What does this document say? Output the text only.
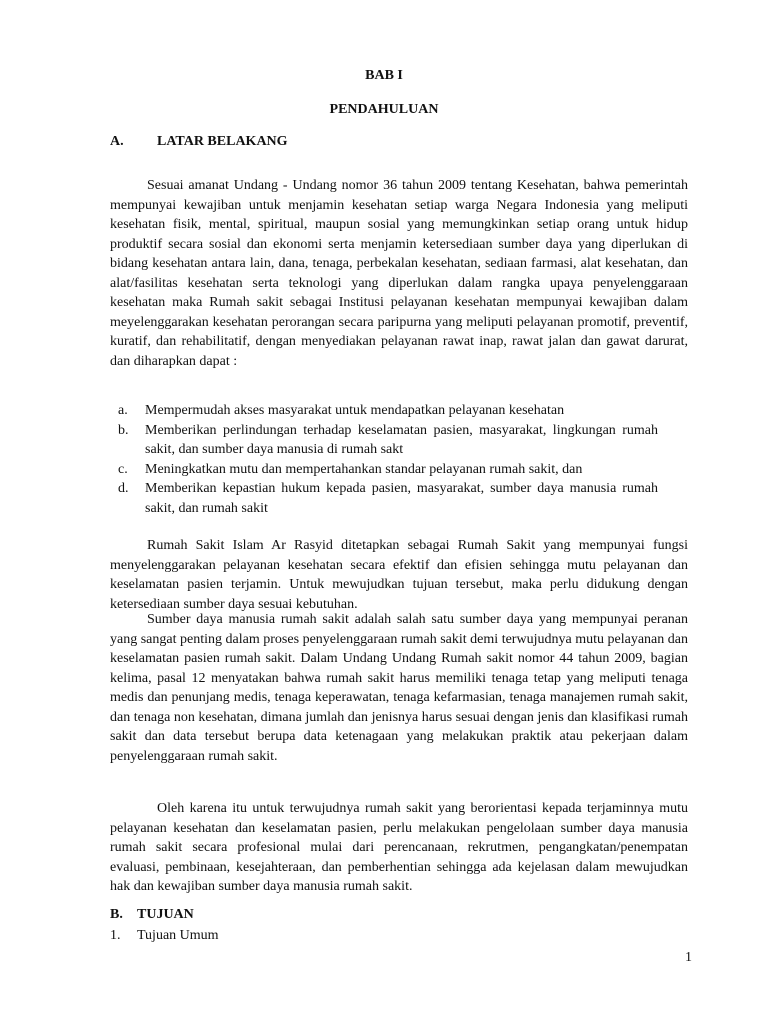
BAB I
PENDAHULUAN
A. LATAR BELAKANG
Sesuai amanat Undang - Undang nomor 36 tahun 2009 tentang Kesehatan, bahwa pemerintah mempunyai kewajiban untuk menjamin kesehatan setiap warga Negara Indonesia yang meliputi kesehatan fisik, mental, spiritual, maupun sosial yang memungkinkan setiap orang untuk hidup produktif secara sosial dan ekonomi serta menjamin ketersediaan sumber daya yang diperlukan di bidang kesehatan antara lain, dana, tenaga, perbekalan kesehatan, sediaan farmasi, alat kesehatan, dan alat/fasilitas kesehatan serta teknologi yang diperlukan dalam rangka upaya penyelenggaraan kesehatan maka Rumah sakit sebagai Institusi pelayanan kesehatan mempunyai kewajiban dalam meyelenggarakan kesehatan perorangan secara paripurna yang meliputi pelayanan promotif, preventif, kuratif, dan rehabilitatif, dengan menyediakan pelayanan rawat inap, rawat jalan dan gawat darurat, dan diharapkan dapat :
a.	Mempermudah akses masyarakat untuk mendapatkan pelayanan kesehatan
b.	Memberikan perlindungan terhadap keselamatan pasien, masyarakat, lingkungan rumah sakit, dan sumber daya manusia di rumah sakt
c.	Meningkatkan mutu dan mempertahankan standar pelayanan rumah sakit, dan
d.	Memberikan kepastian hukum kepada pasien, masyarakat, sumber daya manusia rumah sakit, dan rumah sakit
Rumah Sakit Islam Ar Rasyid ditetapkan sebagai Rumah Sakit yang mempunyai fungsi menyelenggarakan pelayanan kesehatan secara efektif dan efisien sehingga mutu pelayanan dan keselamatan pasien terjamin. Untuk mewujudkan tujuan tersebut, maka perlu didukung dengan ketersediaan sumber daya sesuai kebutuhan.
Sumber daya manusia rumah sakit adalah salah satu sumber daya yang mempunyai peranan yang sangat penting dalam proses penyelenggaraan rumah sakit demi terwujudnya mutu pelayanan dan keselamatan pasien rumah sakit. Dalam Undang Undang Rumah sakit nomor 44 tahun 2009, bagian kelima, pasal 12 menyatakan bahwa rumah sakit harus memiliki tenaga tetap yang meliputi tenaga medis dan penunjang medis, tenaga keperawatan, tenaga kefarmasian, tenaga manajemen rumah sakit, dan tenaga non kesehatan, dimana jumlah dan jenisnya harus sesuai dengan jenis dan klasifikasi rumah sakit dan data tersebut berupa data ketenagaan yang melakukan praktik atau pekerjaan dalam penyelenggaraan rumah sakit.
Oleh karena itu untuk terwujudnya rumah sakit yang berorientasi kepada terjaminnya mutu pelayanan kesehatan dan keselamatan pasien, perlu melakukan pengelolaan sumber daya manusia rumah sakit secara profesional mulai dari perencanaan, rekrutmen, pengangkatan/penempatan evaluasi, pembinaan, kesejahteraan, dan pemberhentian sehingga ada kejelasan dalam mewujudkan hak dan kewajiban sumber daya manusia rumah sakit.
B. TUJUAN
1. Tujuan Umum
1
